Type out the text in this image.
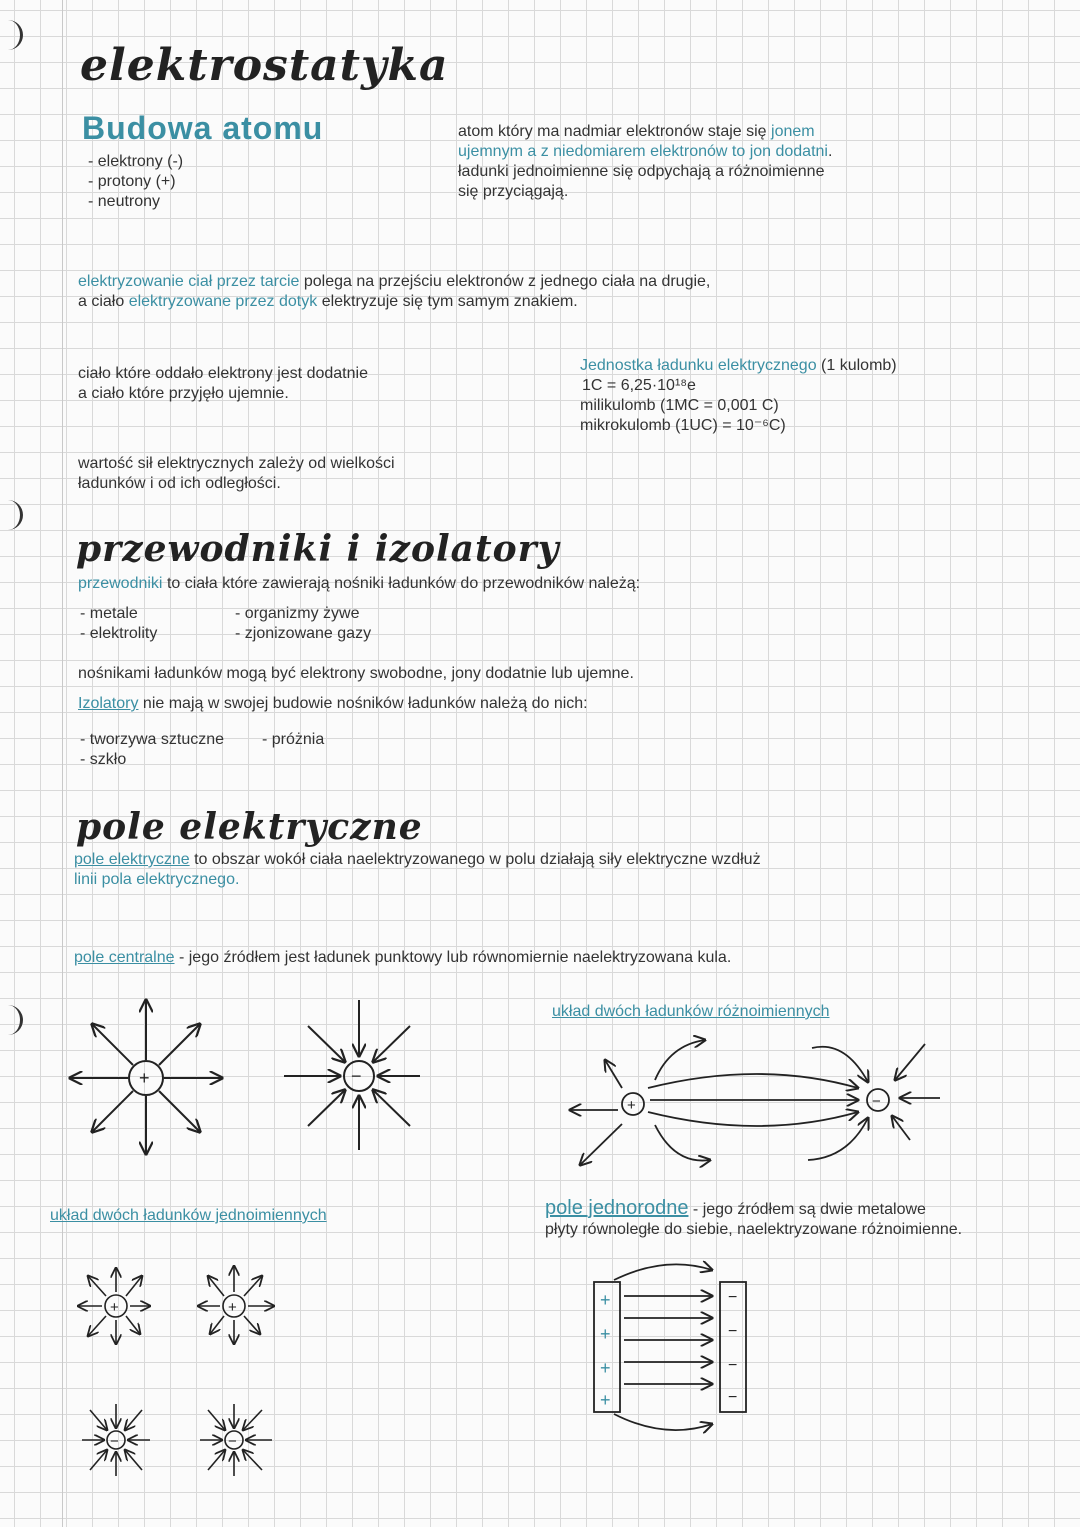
elektrostatyka
Budowa atomu
- elektrony (-)
- protony (+)
- neutrony
atom który ma nadmiar elektronów staje się jonem
ujemnym a z niedomiarem elektronów to jon dodatni.
ładunki jednoimienne się odpychają a różnoimienne
się przyciągają.
elektryzowanie ciał przez tarcie polega na przejściu elektronów z jednego ciała na drugie,
a ciało elektryzowane przez dotyk elektryzuje się tym samym znakiem.
ciało które oddało elektrony jest dodatnie
a ciało które przyjęło ujemnie.
Jednostka ładunku elektrycznego (1 kulomb)
1C = 6,25·10¹⁸e
milikulomb (1MC = 0,001 C)
mikrokulomb (1UC) = 10⁻⁶C)
wartość sił elektrycznych zależy od wielkości
ładunków i od ich odległości.
przewodniki i izolatory
przewodniki to ciała które zawierają nośniki ładunków do przewodników należą:
- metale
- elektrolity
- organizmy żywe
- zjonizowane gazy
nośnikami ładunków mogą być elektrony swobodne, jony dodatnie lub ujemne.
Izolatory nie mają w swojej budowie nośników ładunków należą do nich:
- tworzywa sztuczne
- szkło
- próżnia
pole elektryczne
pole elektryczne to obszar wokół ciała naelektryzowanego w polu działają siły elektryczne wzdłuż
linii pola elektrycznego.
pole centralne - jego źródłem jest ładunek punktowy lub równomiernie naelektryzowana kula.
układ dwóch ładunków różnoimiennych
układ dwóch ładunków jednoimiennych	pole jednorodne - jego źródłem są dwie metalowe
płyty równoległe do siebie, naelektryzowane różnoimienne.
+	−
+	−
+	+
−	−
+
+
+
+
−
−
−
−
